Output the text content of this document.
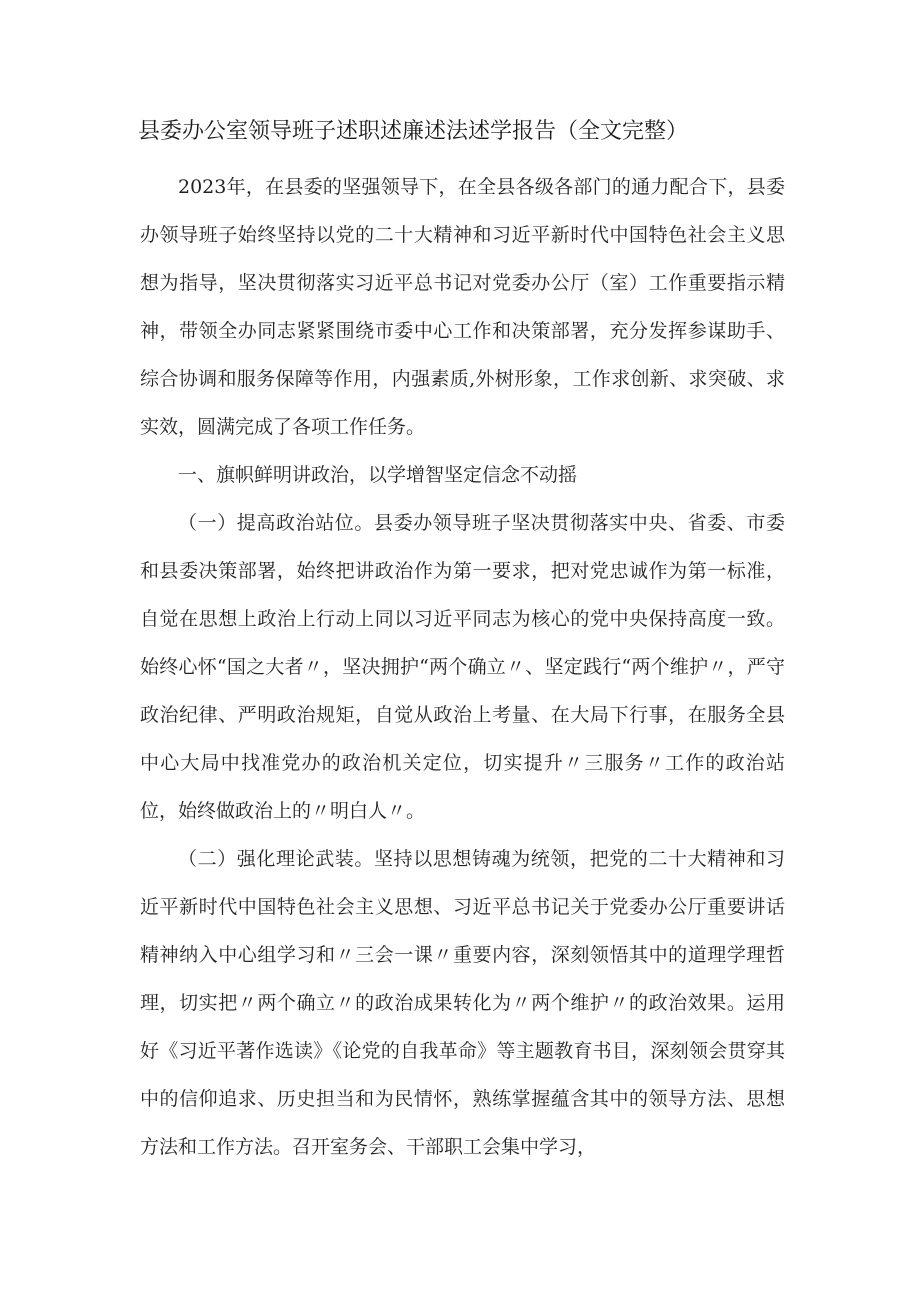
县委办公室领导班子述职述廉述法述学报告（全文完整）

2023年，在县委的坚强领导下，在全县各级各部门的通力配合下，县委办领导班子始终坚持以党的二十大精神和习近平新时代中国特色社会主义思想为指导，坚决贯彻落实习近平总书记对党委办公厅（室）工作重要指示精神，带领全办同志紧紧围绕市委中心工作和决策部署，充分发挥参谋助手、综合协调和服务保障等作用，内强素质,外树形象，工作求创新、求突破、求实效，圆满完成了各项工作任务。

一、旗帜鲜明讲政治，以学增智坚定信念不动摇

（一）提高政治站位。县委办领导班子坚决贯彻落实中央、省委、市委和县委决策部署，始终把讲政治作为第一要求，把对党忠诚作为第一标准，自觉在思想上政治上行动上同以习近平同志为核心的党中央保持高度一致。始终心怀“国之大者〃，坚决拥护“两个确立〃、坚定践行“两个维护〃，严守政治纪律、严明政治规矩，自觉从政治上考量、在大局下行事，在服务全县中心大局中找准党办的政治机关定位，切实提升〃三服务〃工作的政治站位，始终做政治上的〃明白人〃。

（二）强化理论武装。坚持以思想铸魂为统领，把党的二十大精神和习近平新时代中国特色社会主义思想、习近平总书记关于党委办公厅重要讲话精神纳入中心组学习和〃三会一课〃重要内容，深刻领悟其中的道理学理哲理，切实把〃两个确立〃的政治成果转化为〃两个维护〃的政治效果。运用好《习近平著作选读》《论党的自我革命》等主题教育书目，深刻领会贯穿其中的信仰追求、历史担当和为民情怀，熟练掌握蕴含其中的领导方法、思想方法和工作方法。召开室务会、干部职工会集中学习，
